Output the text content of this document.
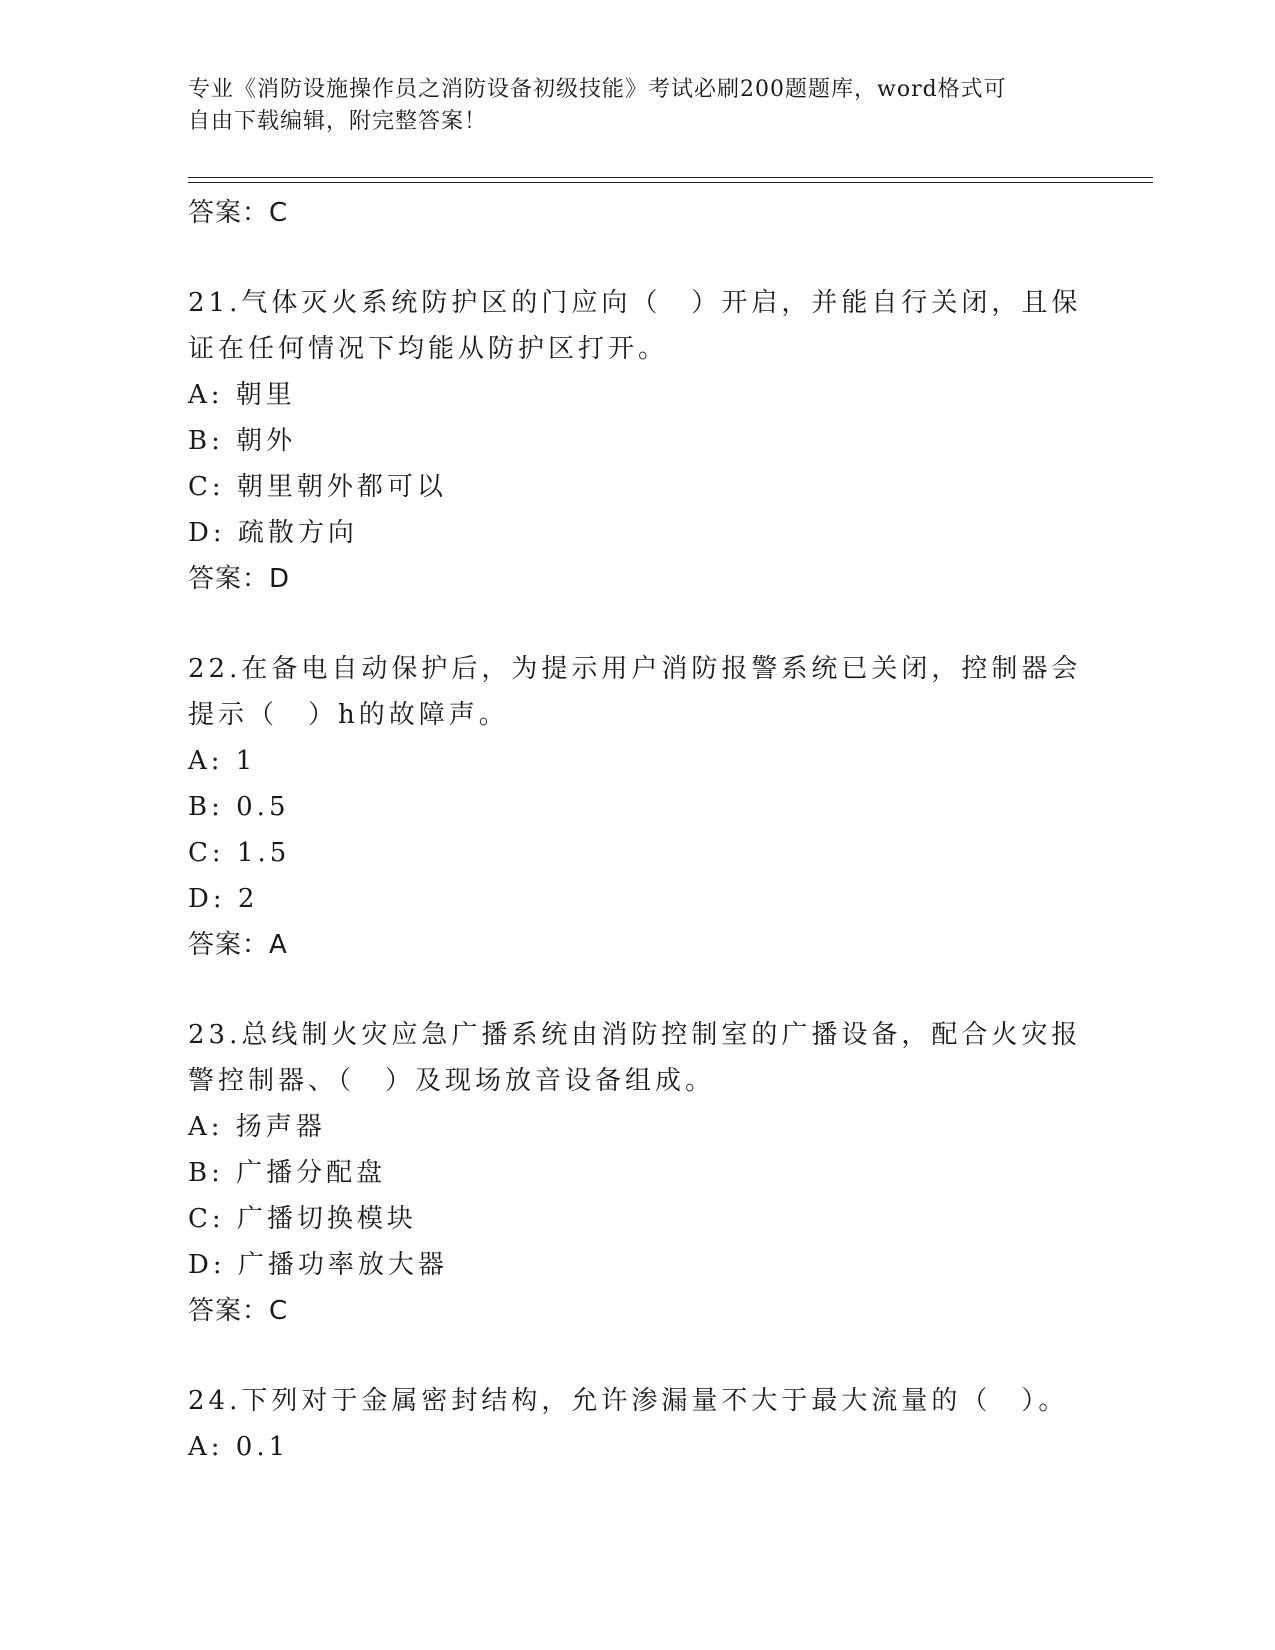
专业《消防设施操作员之消防设备初级技能》考试必刷200题题库，word格式可
自由下载编辑，附完整答案！
答案：C
21.气体灭火系统防护区的门应向（　）开启，并能自行关闭，且保证在任何情况下均能从防护区打开。
A: 朝里
B: 朝外
C: 朝里朝外都可以
D: 疏散方向
答案：D
22.在备电自动保护后，为提示用户消防报警系统已关闭，控制器会提示（　）h的故障声。
A: 1
B: 0.5
C: 1.5
D: 2
答案：A
23.总线制火灾应急广播系统由消防控制室的广播设备，配合火灾报警控制器、（　）及现场放音设备组成。
A: 扬声器
B: 广播分配盘
C: 广播切换模块
D: 广播功率放大器
答案：C
24.下列对于金属密封结构，允许渗漏量不大于最大流量的（　）。
A: 0.1
